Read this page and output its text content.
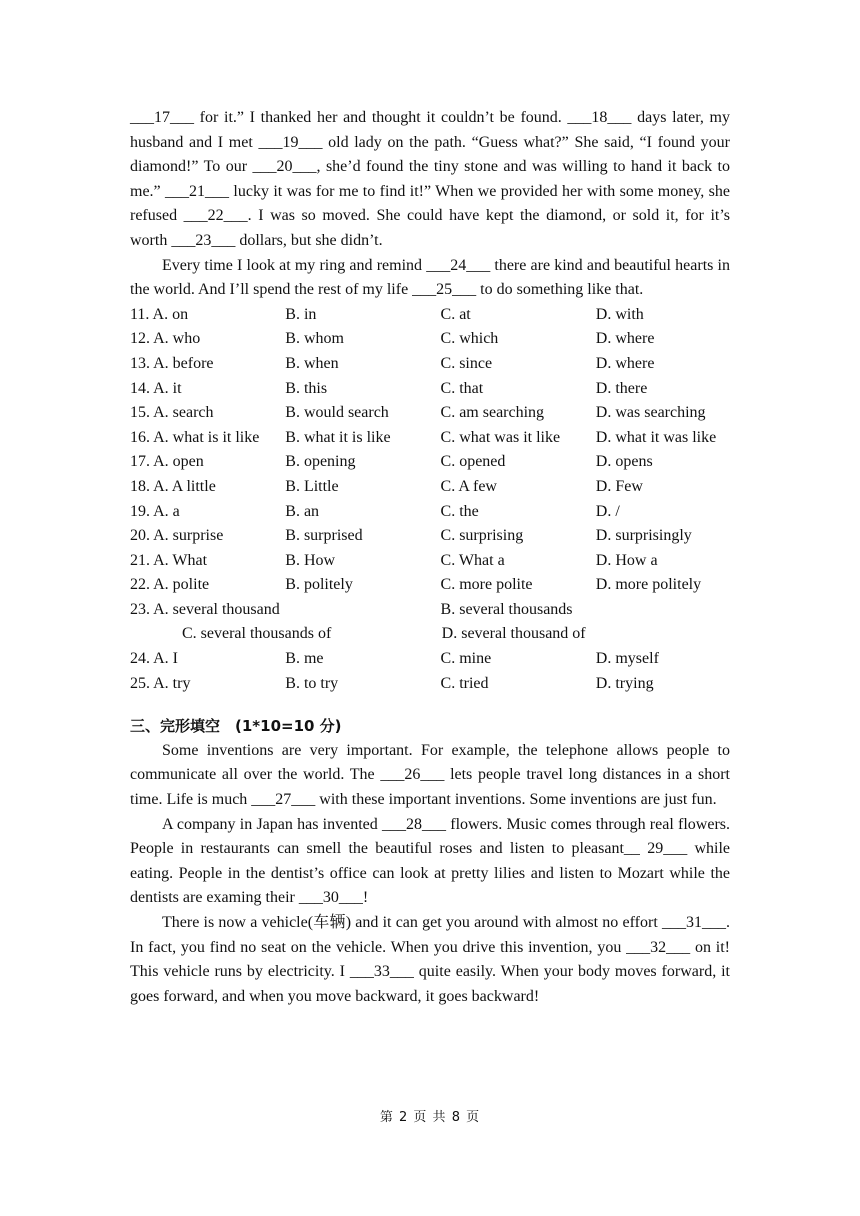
___17___ for it.” I thanked her and thought it couldn’t be found. ___18___ days later, my husband and I met ___19___ old lady on the path. “Guess what?” She said, “I found your diamond!” To our ___20___, she’d found the tiny stone and was willing to hand it back to me.” ___21___ lucky it was for me to find it!” When we provided her with some money, she refused ___22___. I was so moved. She could have kept the diamond, or sold it, for it’s worth ___23___ dollars, but she didn’t.

Every time I look at my ring and remind ___24___ there are kind and beautiful hearts in the world. And I’ll spend the rest of my life ___25___ to do something like that.

11. A. on	B. in	C. at	D. with
12. A. who	B. whom	C. which	D. where
13. A. before	B. when	C. since	D. where
14. A. it	B. this	C. that	D. there
15. A. search	B. would search	C. am searching	D. was searching
16. A. what is it like	B. what it is like	C. what was it like	D. what it was like
17. A. open	B. opening	C. opened	D. opens
18. A. A little	B. Little	C. A few	D. Few
19. A. a	B. an	C. the	D. /
20. A. surprise	B. surprised	C. surprising	D. surprisingly
21. A. What	B. How	C. What a	D. How a
22. A. polite	B. politely	C. more polite	D. more politely
23. A. several thousand	B. several thousands
C. several thousands of	D. several thousand of
24. A. I	B. me	C. mine	D. myself
25. A. try	B. to try	C. tried	D. trying

三、完形填空　(1*10=10 分)

Some inventions are very important. For example, the telephone allows people to communicate all over the world. The ___26___ lets people travel long distances in a short time. Life is much ___27___ with these important inventions. Some inventions are just fun.

A company in Japan has invented ___28___ flowers. Music comes through real flowers. People in restaurants can smell the beautiful roses and listen to pleasant__ 29___ while eating. People in the dentist’s office can look at pretty lilies and listen to Mozart while the dentists are examing their ___30___!

There is now a vehicle(车辆) and it can get you around with almost no effort ___31___. In fact, you find no seat on the vehicle. When you drive this invention, you ___32___ on it! This vehicle runs by electricity. I ___33___ quite easily. When your body moves forward, it goes forward, and when you move backward, it goes backward!

第 2 页 共 8 页
